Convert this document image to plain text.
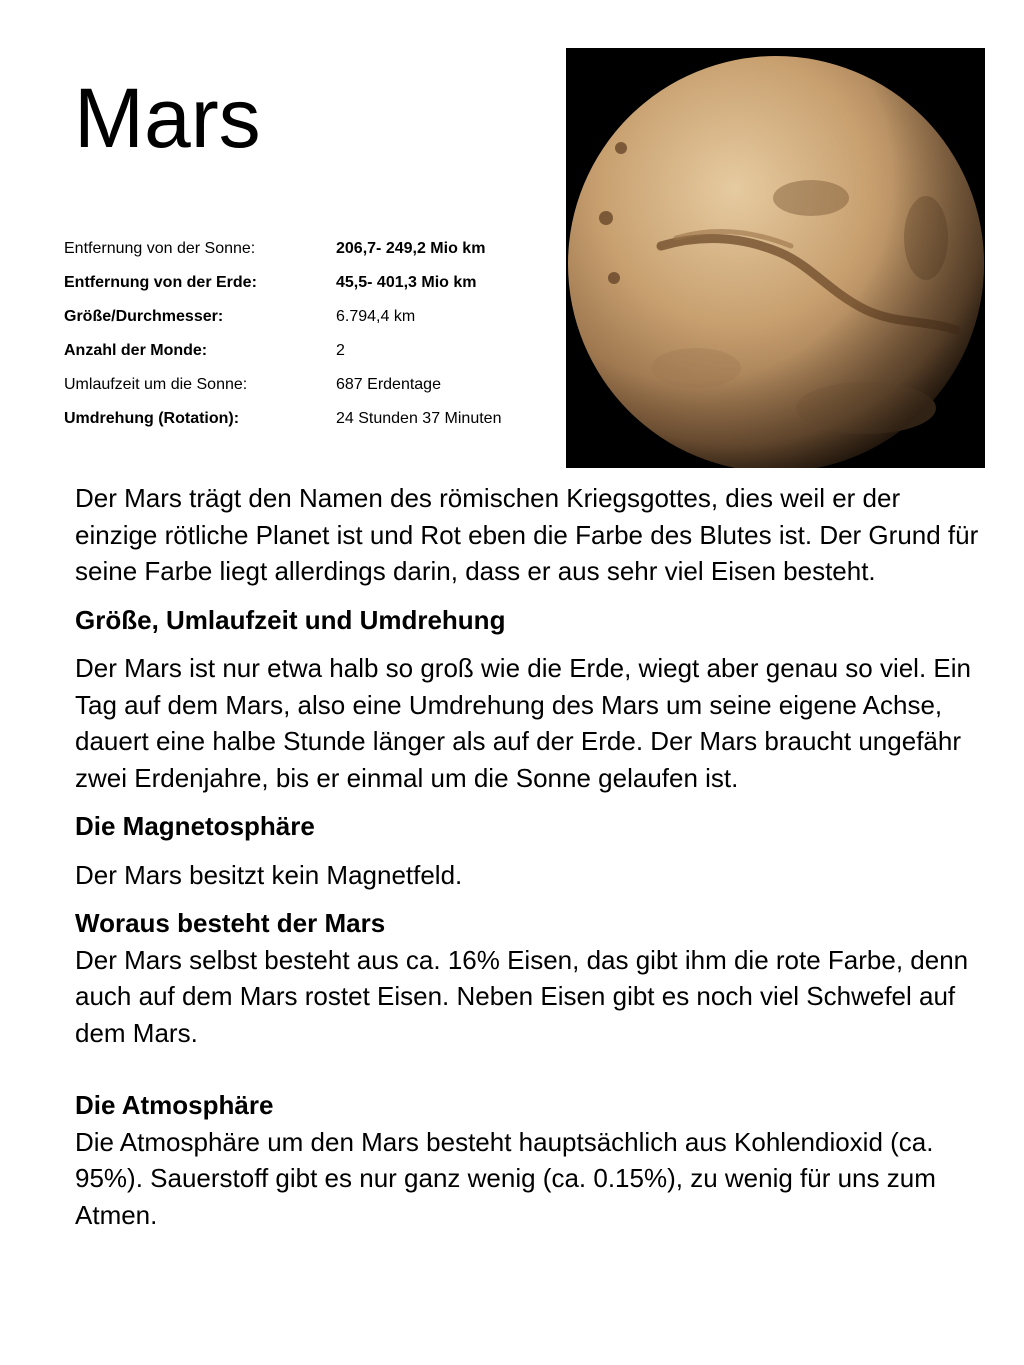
Mars
Entfernung von der Sonne:	206,7- 249,2 Mio km
Entfernung von der Erde:	45,5- 401,3 Mio km
Größe/Durchmesser:	6.794,4 km
Anzahl der Monde:	2
Umlaufzeit um die Sonne:	687 Erdentage
Umdrehung (Rotation):	24 Stunden 37 Minuten

Der Mars trägt den Namen des römischen Kriegsgottes, dies weil er der einzige rötliche Planet ist und Rot eben die Farbe des Blutes ist. Der Grund für seine Farbe liegt allerdings darin, dass er aus sehr viel Eisen besteht.

Größe, Umlaufzeit und Umdrehung

Der Mars ist nur etwa halb so groß wie die Erde, wiegt aber genau so viel. Ein Tag auf dem Mars, also eine Umdrehung des Mars um seine eigene Achse, dauert eine halbe Stunde länger als auf der Erde. Der Mars braucht ungefähr zwei Erdenjahre, bis er einmal um die Sonne gelaufen ist.

Die Magnetosphäre

Der Mars besitzt kein Magnetfeld.

Woraus besteht der Mars

Der Mars selbst besteht aus ca. 16% Eisen, das gibt ihm die rote Farbe, denn auch auf dem Mars rostet Eisen. Neben Eisen gibt es noch viel Schwefel auf dem Mars.

Die Atmosphäre

Die Atmosphäre um den Mars besteht hauptsächlich aus Kohlendioxid (ca. 95%). Sauerstoff gibt es nur ganz wenig (ca. 0.15%), zu wenig für uns zum Atmen.
